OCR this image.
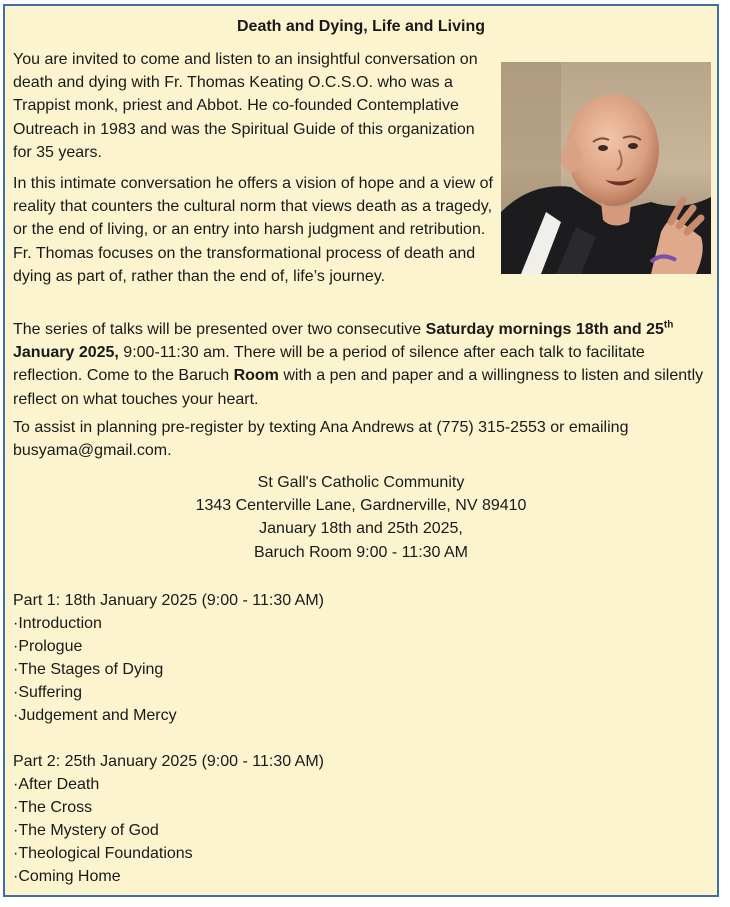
Death and Dying, Life and Living

You are invited to come and listen to an insightful conversation on death and dying with Fr. Thomas Keating O.C.S.O. who was a Trappist monk, priest and Abbot. He co-founded Contemplative Outreach in 1983 and was the Spiritual Guide of this organization for 35 years.

In this intimate conversation he offers a vision of hope and a view of reality that counters the cultural norm that views death as a tragedy, or the end of living, or an entry into harsh judgment and retribution. Fr. Thomas focuses on the transformational process of death and dying as part of, rather than the end of, life’s journey.

The series of talks will be presented over two consecutive Saturday mornings 18th and 25th
January 2025, 9:00-11:30 am. There will be a period of silence after each talk to facilitate reflection. Come to the Baruch Room with a pen and paper and a willingness to listen and silently reflect on what touches your heart.

To assist in planning pre-register by texting Ana Andrews at (775) 315-2553 or emailing busyama@gmail.com.

St Gall's Catholic Community
1343 Centerville Lane, Gardnerville, NV 89410
January 18th and 25th 2025,
Baruch Room 9:00 - 11:30 AM
Part 1: 18th January 2025 (9:00 - 11:30 AM)
· Introduction
· Prologue
· The Stages of Dying
· Suffering
· Judgement and Mercy
Part 2: 25th January 2025 (9:00 - 11:30 AM)
· After Death
· The Cross
· The Mystery of God
· Theological Foundations
· Coming Home
